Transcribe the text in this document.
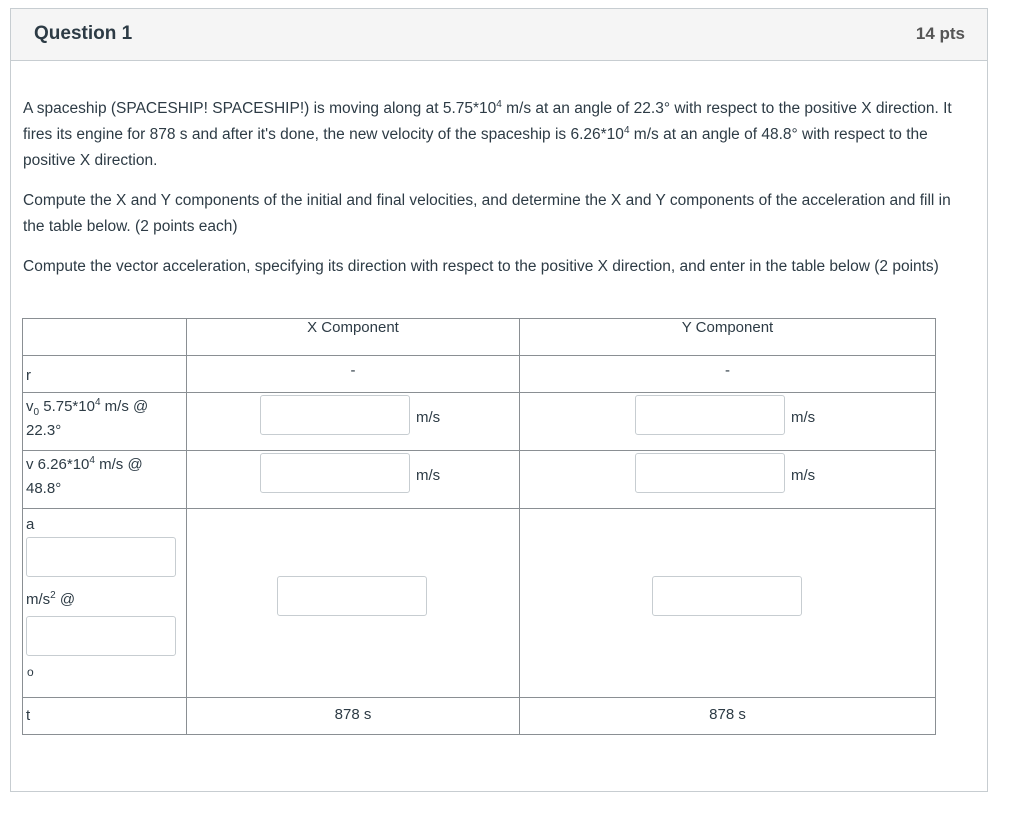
Question 1	14 pts

A spaceship (SPACESHIP! SPACESHIP!) is moving along at $5.75*10^4$ m/s at an angle of 22.3° with respect to the positive X direction. It fires its engine for 878 s and after it's done, the new velocity of the spaceship is $6.26*10^4$ m/s at an angle of 48.8° with respect to the positive X direction.

Compute the X and Y components of the initial and final velocities, and determine the X and Y components of the acceleration and fill in the table below. (2 points each)

Compute the vector acceleration, specifying its direction with respect to the positive X direction, and enter in the table below (2 points)

	X Component	Y Component

r	-	-

$v_0$ $5.75*10^4$ m/s @
22.3°	m/s	m/s

v $6.26*10^4$ m/s @
48.8°	m/s	m/s

a
$m/s^2$ @
o		

t	878 s	878 s
